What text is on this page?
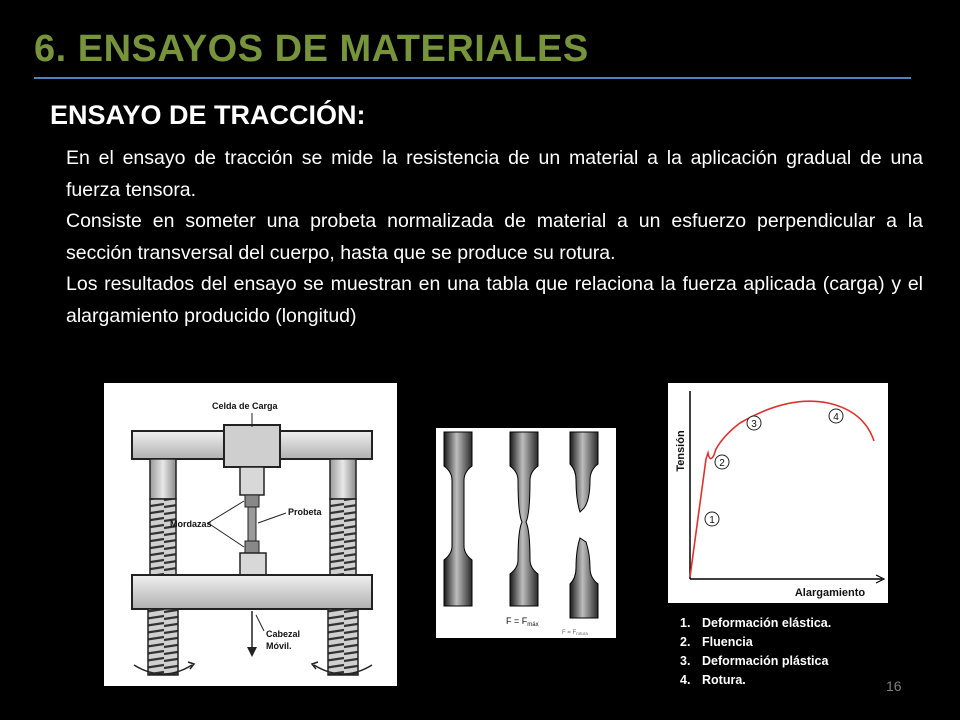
6. ENSAYOS DE MATERIALES
ENSAYO DE TRACCIÓN:

En el ensayo de tracción se mide la resistencia de un material a la aplicación gradual de una fuerza tensora.

Consiste en someter una probeta normalizada de material a un esfuerzo perpendicular a la sección transversal del cuerpo, hasta que se produce su rotura.

Los resultados del ensayo se muestran en una tabla que relaciona la fuerza aplicada (carga) y el alargamiento producido (longitud)

Celda de Carga
Probeta
Mordazas
Cabezal
Móvil.
$F = F_{máx}$
F = Frotura
1
2
3
4
Tensión
Alargamiento
1. Deformación elástica.
2. Fluencia
3. Deformación plástica
4. Rotura.	16
